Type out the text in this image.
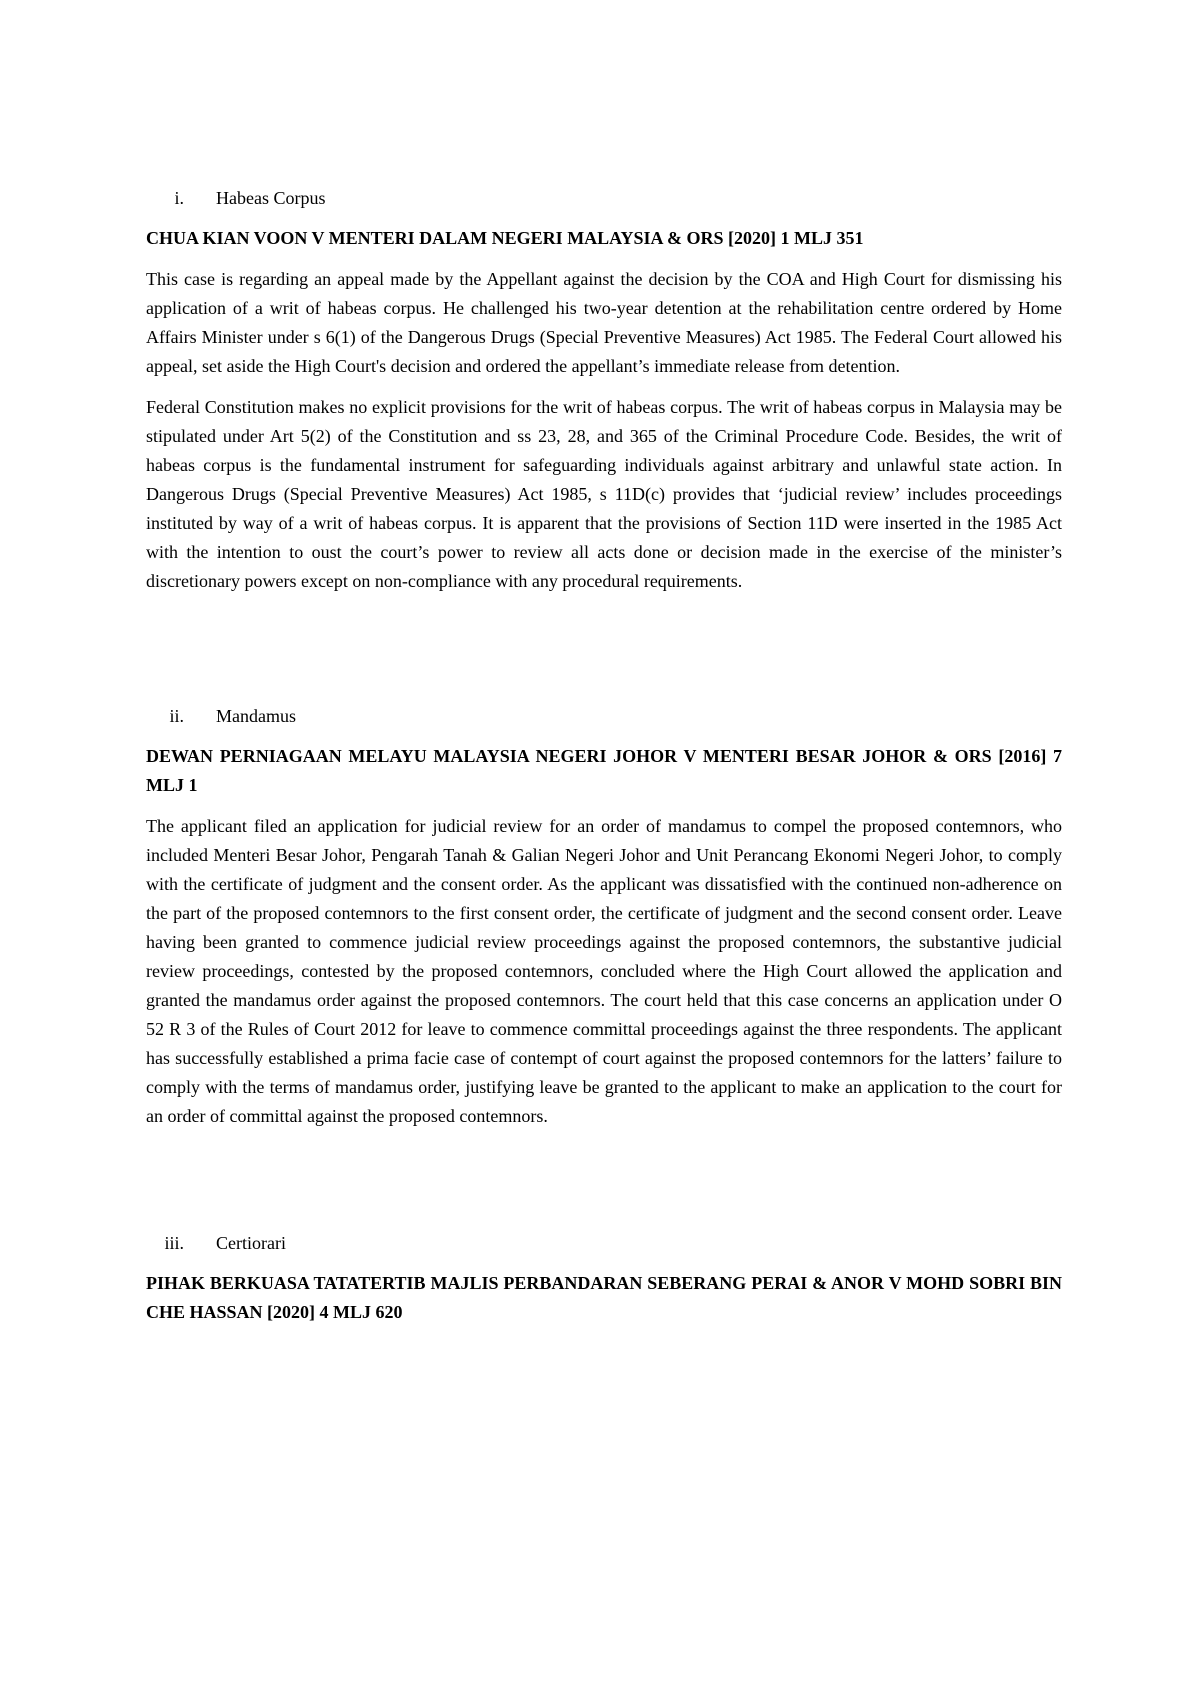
i.	Habeas Corpus

CHUA KIAN VOON V MENTERI DALAM NEGERI MALAYSIA & ORS [2020] 1 MLJ 351

This case is regarding an appeal made by the Appellant against the decision by the COA and High Court for dismissing his application of a writ of habeas corpus. He challenged his two-year detention at the rehabilitation centre ordered by Home Affairs Minister under s 6(1) of the Dangerous Drugs (Special Preventive Measures) Act 1985. The Federal Court allowed his appeal, set aside the High Court's decision and ordered the appellant’s immediate release from detention.

Federal Constitution makes no explicit provisions for the writ of habeas corpus. The writ of habeas corpus in Malaysia may be stipulated under Art 5(2) of the Constitution and ss 23, 28, and 365 of the Criminal Procedure Code. Besides, the writ of habeas corpus is the fundamental instrument for safeguarding individuals against arbitrary and unlawful state action. In Dangerous Drugs (Special Preventive Measures) Act 1985, s 11D(c) provides that ‘judicial review’ includes proceedings instituted by way of a writ of habeas corpus. It is apparent that the provisions of Section 11D were inserted in the 1985 Act with the intention to oust the court’s power to review all acts done or decision made in the exercise of the minister’s discretionary powers except on non-compliance with any procedural requirements.

ii.	Mandamus

DEWAN PERNIAGAAN MELAYU MALAYSIA NEGERI JOHOR V MENTERI BESAR JOHOR & ORS [2016] 7 MLJ 1

The applicant filed an application for judicial review for an order of mandamus to compel the proposed contemnors, who included Menteri Besar Johor, Pengarah Tanah & Galian Negeri Johor and Unit Perancang Ekonomi Negeri Johor, to comply with the certificate of judgment and the consent order. As the applicant was dissatisfied with the continued non-adherence on the part of the proposed contemnors to the first consent order, the certificate of judgment and the second consent order. Leave having been granted to commence judicial review proceedings against the proposed contemnors, the substantive judicial review proceedings, contested by the proposed contemnors, concluded where the High Court allowed the application and granted the mandamus order against the proposed contemnors. The court held that this case concerns an application under O 52 R 3 of the Rules of Court 2012 for leave to commence committal proceedings against the three respondents. The applicant has successfully established a prima facie case of contempt of court against the proposed contemnors for the latters’ failure to comply with the terms of mandamus order, justifying leave be granted to the applicant to make an application to the court for an order of committal against the proposed contemnors.

iii.	Certiorari

PIHAK BERKUASA TATATERTIB MAJLIS PERBANDARAN SEBERANG PERAI & ANOR V MOHD SOBRI BIN CHE HASSAN [2020] 4 MLJ 620
